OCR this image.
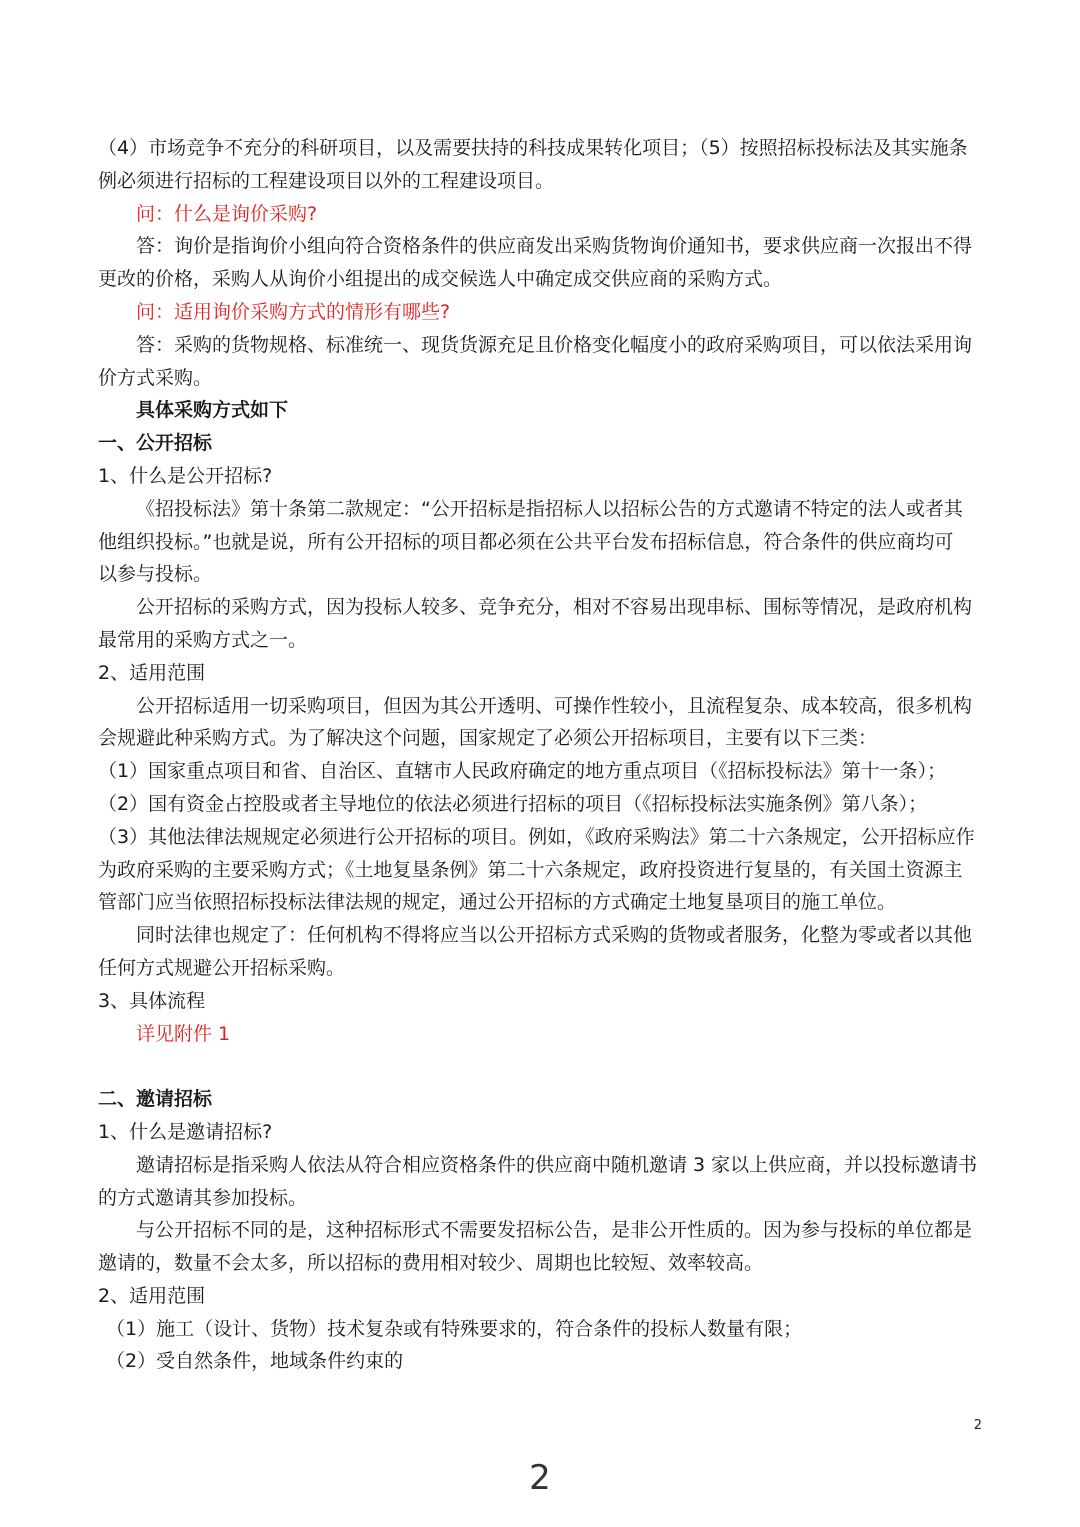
（4）市场竞争不充分的科研项目，以及需要扶持的科技成果转化项目；（5）按照招标投标法及其实施条

例必须进行招标的工程建设项目以外的工程建设项目。

问：什么是询价采购?

答：询价是指询价小组向符合资格条件的供应商发出采购货物询价通知书，要求供应商一次报出不得

更改的价格，采购人从询价小组提出的成交候选人中确定成交供应商的采购方式。

问：适用询价采购方式的情形有哪些?

答：采购的货物规格、标准统一、现货货源充足且价格变化幅度小的政府采购项目，可以依法采用询

价方式采购。

具体采购方式如下

一、公开招标

1、什么是公开招标?

《招投标法》第十条第二款规定：“公开招标是指招标人以招标公告的方式邀请不特定的法人或者其

他组织投标。”也就是说，所有公开招标的项目都必须在公共平台发布招标信息，符合条件的供应商均可

以参与投标。

公开招标的采购方式，因为投标人较多、竞争充分，相对不容易出现串标、围标等情况，是政府机构

最常用的采购方式之一。

2、适用范围

公开招标适用一切采购项目，但因为其公开透明、可操作性较小，且流程复杂、成本较高，很多机构

会规避此种采购方式。为了解决这个问题，国家规定了必须公开招标项目，主要有以下三类：

（1）国家重点项目和省、自治区、直辖市人民政府确定的地方重点项目（《招标投标法》第十一条）；

（2）国有资金占控股或者主导地位的依法必须进行招标的项目（《招标投标法实施条例》第八条）；

（3）其他法律法规规定必须进行公开招标的项目。例如，《政府采购法》第二十六条规定，公开招标应作

为政府采购的主要采购方式；《土地复垦条例》第二十六条规定，政府投资进行复垦的，有关国土资源主

管部门应当依照招标投标法律法规的规定，通过公开招标的方式确定土地复垦项目的施工单位。

同时法律也规定了：任何机构不得将应当以公开招标方式采购的货物或者服务，化整为零或者以其他

任何方式规避公开招标采购。

3、具体流程

详见附件 1

二、邀请招标

1、什么是邀请招标?

邀请招标是指采购人依法从符合相应资格条件的供应商中随机邀请 3 家以上供应商，并以投标邀请书

的方式邀请其参加投标。

与公开招标不同的是，这种招标形式不需要发招标公告，是非公开性质的。因为参与投标的单位都是

邀请的，数量不会太多，所以招标的费用相对较少、周期也比较短、效率较高。

2、适用范围

（1）施工（设计、货物）技术复杂或有特殊要求的，符合条件的投标人数量有限；

（2）受自然条件，地域条件约束的

2
2
